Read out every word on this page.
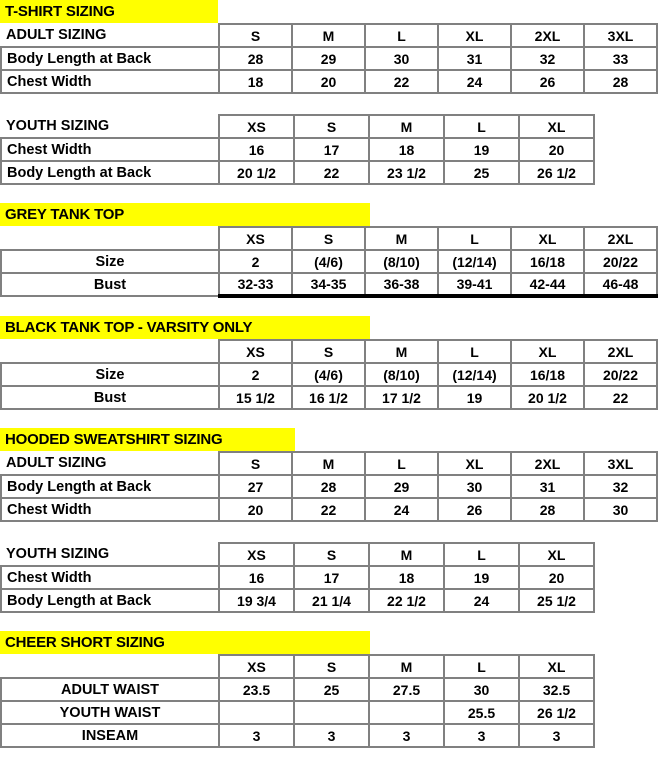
T-SHIRT SIZING
ADULT SIZING	S	M	L	XL	2XL	3XL
Body Length at Back	28	29	30	31	32	33
Chest Width	18	20	22	24	26	28
YOUTH SIZING	XS	S	M	L	XL	
Chest Width	16	17	18	19	20	
Body Length at Back	20 1/2	22	23 1/2	25	26 1/2	
GREY TANK TOP
	XS	S	M	L	XL	2XL
Size	2	(4/6)	(8/10)	(12/14)	16/18	20/22
Bust	32-33	34-35	36-38	39-41	42-44	46-48
BLACK TANK TOP - VARSITY ONLY
	XS	S	M	L	XL	2XL
Size	2	(4/6)	(8/10)	(12/14)	16/18	20/22
Bust	15 1/2	16 1/2	17 1/2	19	20 1/2	22
HOODED SWEATSHIRT SIZING
ADULT SIZING	S	M	L	XL	2XL	3XL
Body Length at Back	27	28	29	30	31	32
Chest Width	20	22	24	26	28	30
YOUTH SIZING	XS	S	M	L	XL	
Chest Width	16	17	18	19	20	
Body Length at Back	19 3/4	21 1/4	22 1/2	24	25 1/2	
CHEER SHORT SIZING
	XS	S	M	L	XL	
ADULT WAIST	23.5	25	27.5	30	32.5	
YOUTH WAIST				25.5	26 1/2	
INSEAM	3	3	3	3	3	
